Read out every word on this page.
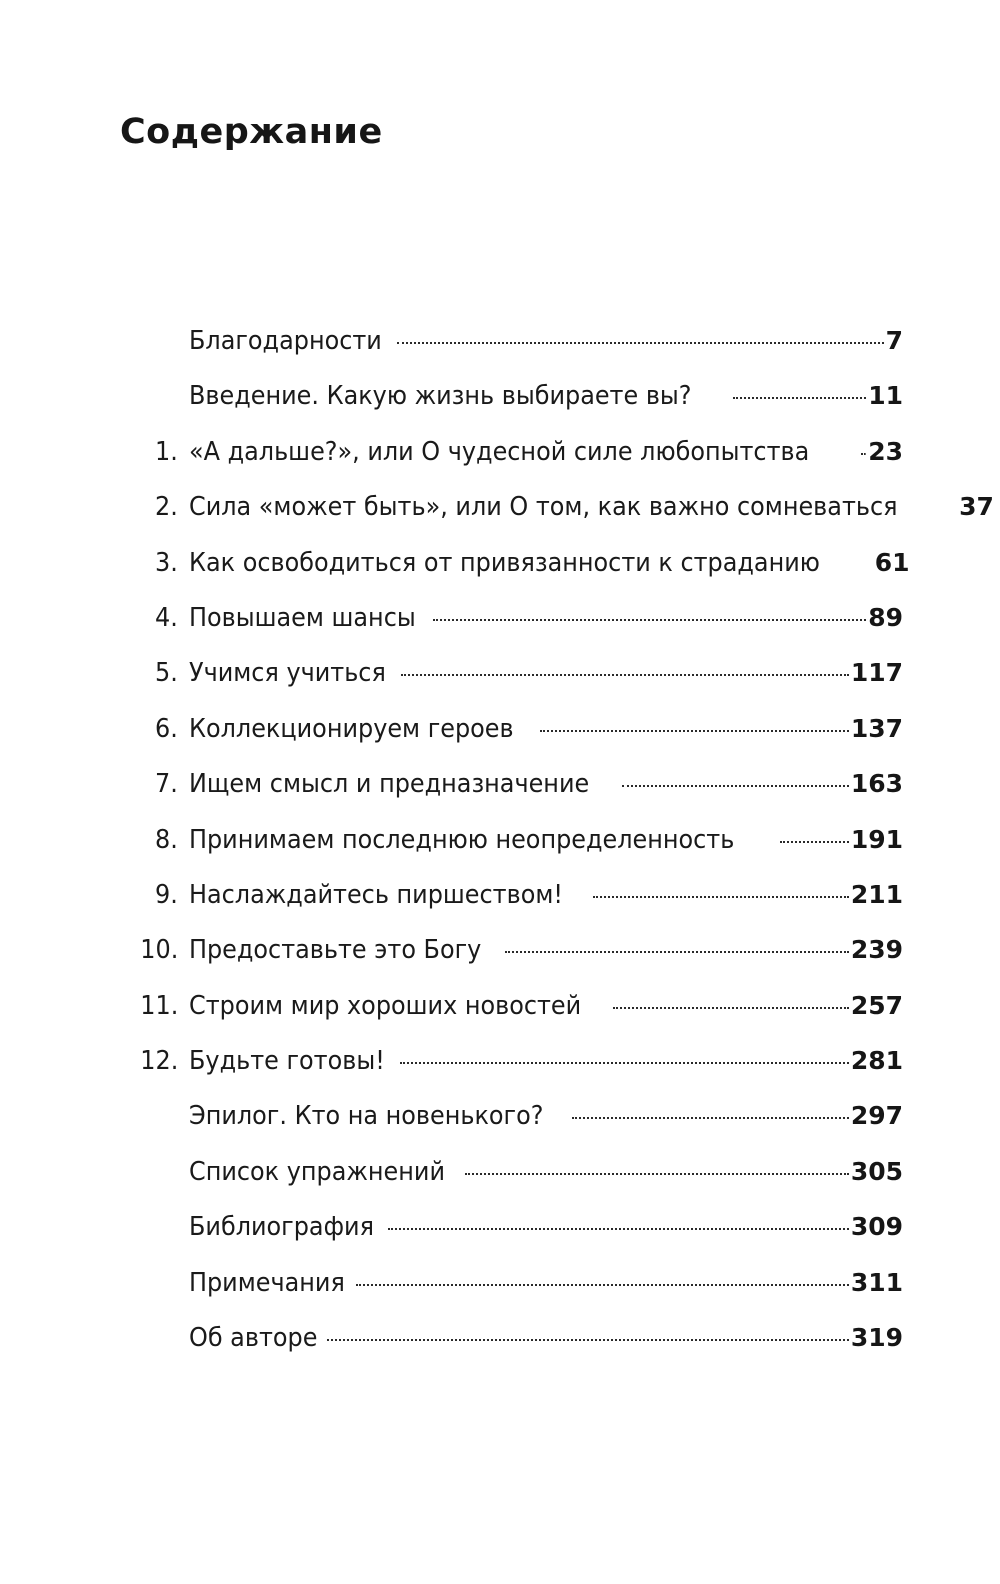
Содержание
Благодарности	7
Введение. Какую жизнь выбираете вы?	11
1. «А дальше?», или О чудесной силе любопытства 23
2. Сила «может быть», или О том, как важно сомневаться 37
3. Как освободиться от привязанности к страданию 61
4. Повышаем шансы	89
5. Учимся учиться	117
6. Коллекционируем героев	137
7. Ищем смысл и предназначение	163
8. Принимаем последнюю неопределенность	191
9. Наслаждайтесь пиршеством!	211
10. Предоставьте это Богу	239
11. Строим мир хороших новостей	257
12. Будьте готовы!	281
Эпилог. Кто на новенького?	297
Список упражнений	305
Библиография	309
Примечания	311
Об авторе	319
